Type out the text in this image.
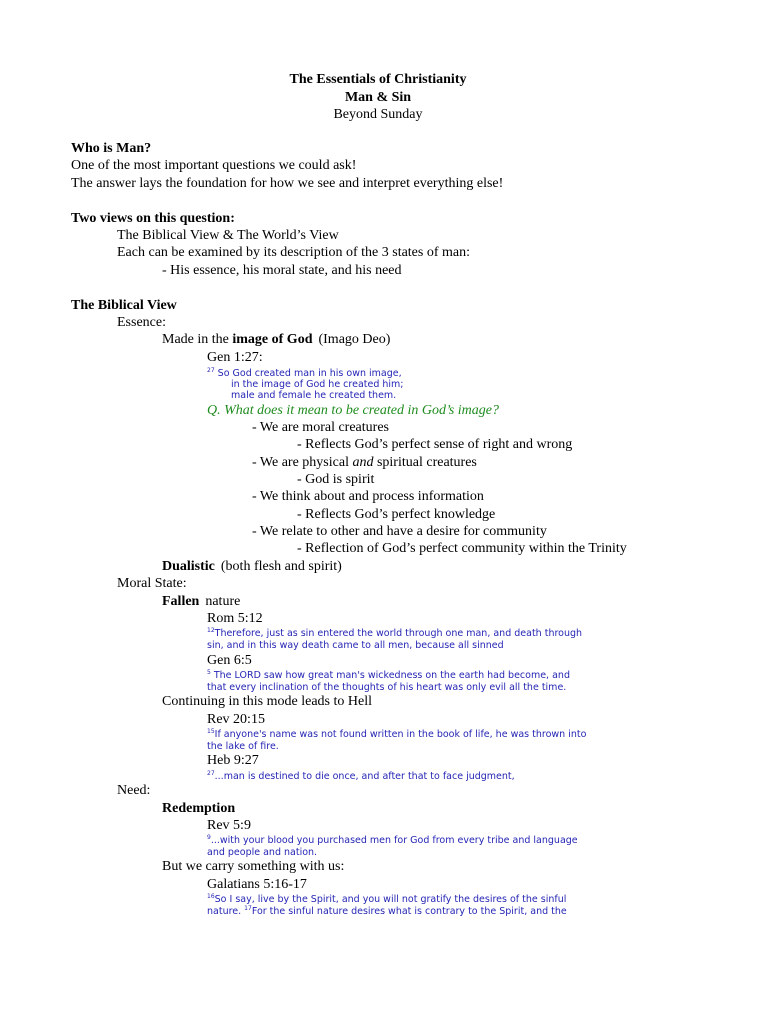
The Essentials of Christianity
Man & Sin
Beyond Sunday
Who is Man?
One of the most important questions we could ask!
The answer lays the foundation for how we see and interpret everything else!
Two views on this question:
The Biblical View & The World’s View
Each can be examined by its description of the 3 states of man:
- His essence, his moral state, and his need
The Biblical View
Essence:
Made in the image of God (Imago Deo)
Gen 1:27:
$^{27}$ So God created man in his own image,
in the image of God he created him;
male and female he created them.
Q. What does it mean to be created in God’s image?
- We are moral creatures
- Reflects God’s perfect sense of right and wrong
- We are physical and spiritual creatures
- God is spirit
- We think about and process information
- Reflects God’s perfect knowledge
- We relate to other and have a desire for community
- Reflection of God’s perfect community within the Trinity
Dualistic (both flesh and spirit)
Moral State:
Fallen nature
Rom 5:12
$^{12}$Therefore, just as sin entered the world through one man, and death through
sin, and in this way death came to all men, because all sinned
Gen 6:5
$^5$ The LORD saw how great man's wickedness on the earth had become, and
that every inclination of the thoughts of his heart was only evil all the time.
Continuing in this mode leads to Hell
Rev 20:15
$^{15}$If anyone's name was not found written in the book of life, he was thrown into
the lake of fire.
Heb 9:27
$^{27}$...man is destined to die once, and after that to face judgment,
Need:
Redemption
Rev 5:9
$^9$...with your blood you purchased men for God from every tribe and language
and people and nation.
But we carry something with us:
Galatians 5:16-17
$^{16}$So I say, live by the Spirit, and you will not gratify the desires of the sinful
nature. $^{17}$For the sinful nature desires what is contrary to the Spirit, and the
